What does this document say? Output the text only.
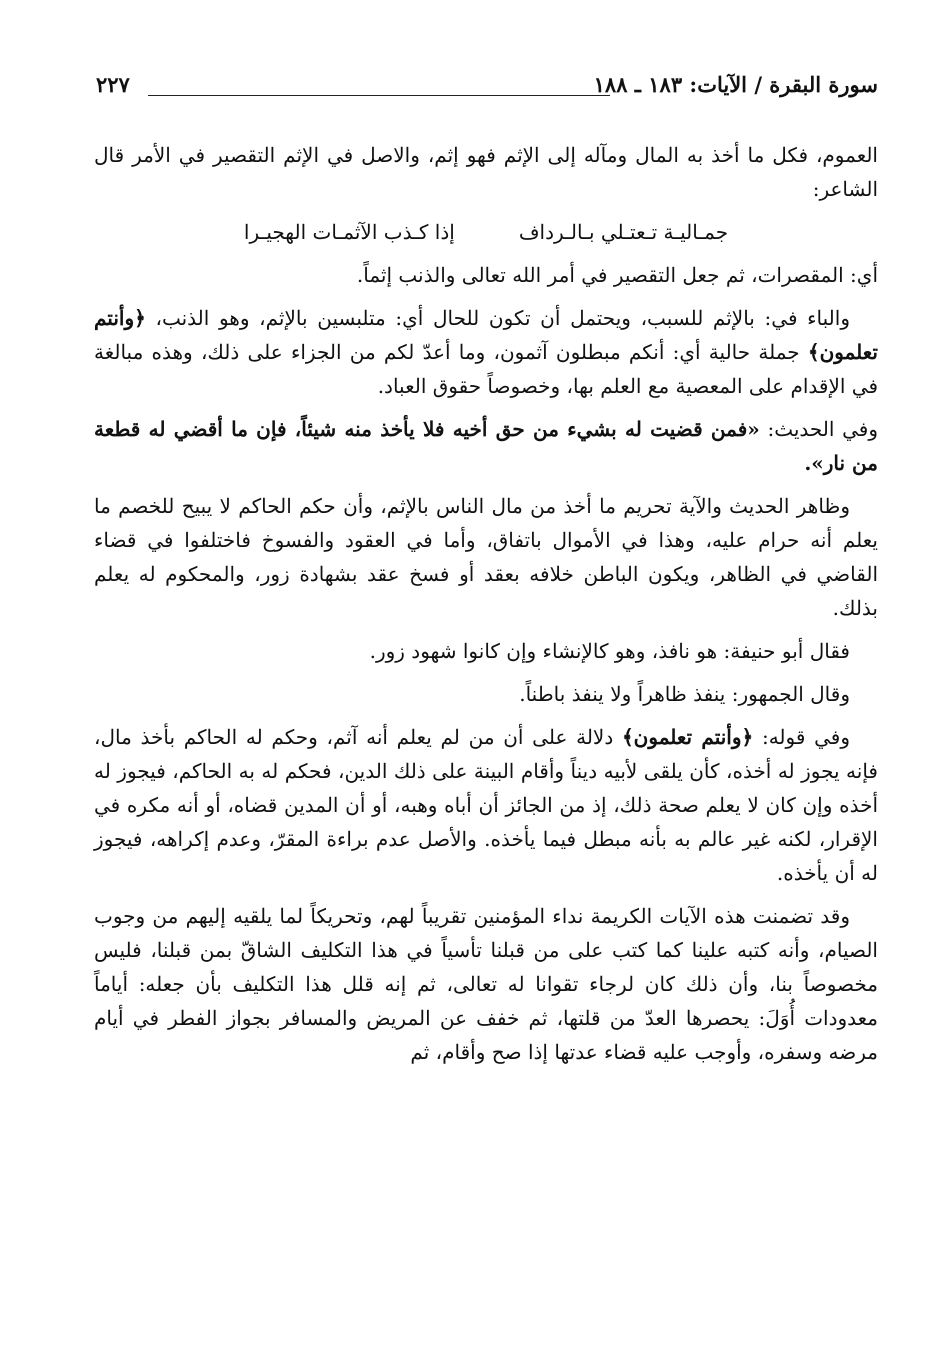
سورة البقرة / الآيات: ١٨٣ ـ ١٨٨
٢٢٧

العموم، فكل ما أخذ به المال ومآله إلى الإثم فهو إثم، والاصل في الإثم التقصير في الأمر قال الشاعر:

جمـاليـة تـعتـلي بـالـرداف
إذا كـذب الآثمـات الهجيـرا

أي: المقصرات، ثم جعل التقصير في أمر الله تعالى والذنب إثماً.

والباء في: بالإثم للسبب، ويحتمل أن تكون للحال أي: متلبسين بالإثم، وهو الذنب، ﴿وأنتم تعلمون﴾ جملة حالية أي: أنكم مبطلون آثمون، وما أعدّ لكم من الجزاء على ذلك، وهذه مبالغة في الإقدام على المعصية مع العلم بها، وخصوصاً حقوق العباد.

وفي الحديث: «فمن قضيت له بشيء من حق أخيه فلا يأخذ منه شيئاً، فإن ما أقضي له قطعة من نار».

وظاهر الحديث والآية تحريم ما أخذ من مال الناس بالإثم، وأن حكم الحاكم لا يبيح للخصم ما يعلم أنه حرام عليه، وهذا في الأموال باتفاق، وأما في العقود والفسوخ فاختلفوا في قضاء القاضي في الظاهر، ويكون الباطن خلافه بعقد أو فسخ عقد بشهادة زور، والمحكوم له يعلم بذلك.

فقال أبو حنيفة: هو نافذ، وهو كالإنشاء وإن كانوا شهود زور.

وقال الجمهور: ينفذ ظاهراً ولا ينفذ باطناً.

وفي قوله: ﴿وأنتم تعلمون﴾ دلالة على أن من لم يعلم أنه آثم، وحكم له الحاكم بأخذ مال، فإنه يجوز له أخذه، كأن يلقى لأبيه ديناً وأقام البينة على ذلك الدين، فحكم له به الحاكم، فيجوز له أخذه وإن كان لا يعلم صحة ذلك، إذ من الجائز أن أباه وهبه، أو أن المدين قضاه، أو أنه مكره في الإقرار، لكنه غير عالم به بأنه مبطل فيما يأخذه. والأصل عدم براءة المقرّ، وعدم إكراهه، فيجوز له أن يأخذه.

وقد تضمنت هذه الآيات الكريمة نداء المؤمنين تقريباً لهم، وتحريكاً لما يلقيه إليهم من وجوب الصيام، وأنه كتبه علينا كما كتب على من قبلنا تأسياً في هذا التكليف الشاقّ بمن قبلنا، فليس مخصوصاً بنا، وأن ذلك كان لرجاء تقوانا له تعالى، ثم إنه قلل هذا التكليف بأن جعله: أياماً معدودات أُوَلَ: يحصرها العدّ من قلتها، ثم خفف عن المريض والمسافر بجواز الفطر في أيام مرضه وسفره، وأوجب عليه قضاء عدتها إذا صح وأقام، ثم
